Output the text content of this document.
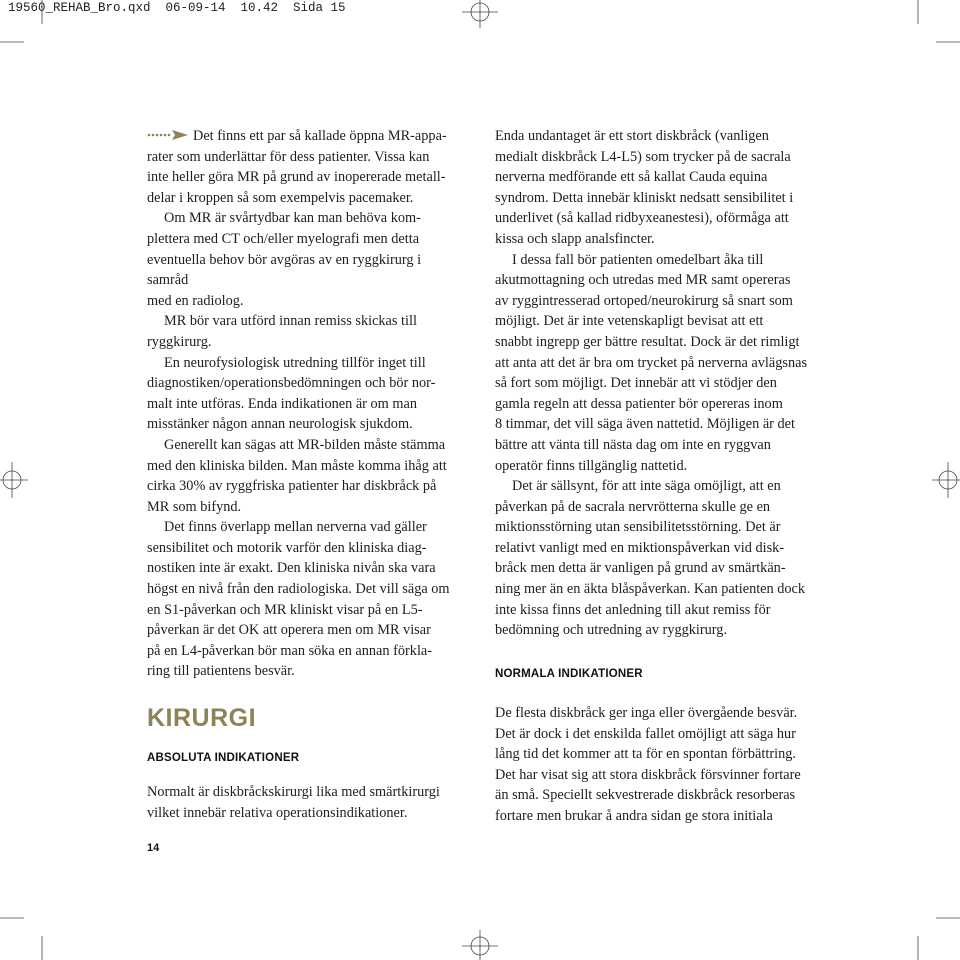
19560_REHAB_Bro.qxd  06-09-14  10.42  Sida 15

Det finns ett par så kallade öppna MR-appa-
rater som underlättar för dess patienter. Vissa kan
inte heller göra MR på grund av inopererade metall-
delar i kroppen så som exempelvis pacemaker.

Om MR är svårtydbar kan man behöva kom-
plettera med CT och/eller myelografi men detta
eventuella behov bör avgöras av en ryggkirurg i samråd
med en radiolog.

MR bör vara utförd innan remiss skickas till
ryggkirurg.

En neurofysiologisk utredning tillför inget till
diagnostiken/operationsbedömningen och bör nor-
malt inte utföras. Enda indikationen är om man
misstänker någon annan neurologisk sjukdom.

Generellt kan sägas att MR-bilden måste stämma
med den kliniska bilden. Man måste komma ihåg att
cirka 30% av ryggfriska patienter har diskbråck på
MR som bifynd.

Det finns överlapp mellan nerverna vad gäller
sensibilitet och motorik varför den kliniska diag-
nostiken inte är exakt. Den kliniska nivån ska vara
högst en nivå från den radiologiska. Det vill säga om
en S1-påverkan och MR kliniskt visar på en L5-
påverkan är det OK att operera men om MR visar
på en L4-påverkan bör man söka en annan förkla-
ring till patientens besvär.

KIRURGI
ABSOLUTA INDIKATIONER

Normalt är diskbråckskirurgi lika med smärtkirurgi
vilket innebär relativa operationsindikationer.

Enda undantaget är ett stort diskbråck (vanligen
medialt diskbråck L4-L5) som trycker på de sacrala
nerverna medförande ett så kallat Cauda equina
syndrom. Detta innebär kliniskt nedsatt sensibilitet i
underlivet (så kallad ridbyxeanestesi), oförmåga att
kissa och slapp analsfincter.

I dessa fall bör patienten omedelbart åka till
akutmottagning och utredas med MR samt opereras
av ryggintresserad ortoped/neurokirurg så snart som
möjligt. Det är inte vetenskapligt bevisat att ett
snabbt ingrepp ger bättre resultat. Dock är det rimligt
att anta att det är bra om trycket på nerverna avlägsnas
så fort som möjligt. Det innebär att vi stödjer den
gamla regeln att dessa patienter bör opereras inom
8 timmar, det vill säga även nattetid. Möjligen är det
bättre att vänta till nästa dag om inte en ryggvan
operatör finns tillgänglig nattetid.

Det är sällsynt, för att inte säga omöjligt, att en
påverkan på de sacrala nervrötterna skulle ge en
miktionsstörning utan sensibilitetsstörning. Det är
relativt vanligt med en miktionspåverkan vid disk-
bråck men detta är vanligen på grund av smärtkän-
ning mer än en äkta blåspåverkan. Kan patienten dock
inte kissa finns det anledning till akut remiss för
bedömning och utredning av ryggkirurg.

NORMALA INDIKATIONER

De flesta diskbråck ger inga eller övergående besvär.
Det är dock i det enskilda fallet omöjligt att säga hur
lång tid det kommer att ta för en spontan förbättring.
Det har visat sig att stora diskbråck försvinner fortare
än små. Speciellt sekvestrerade diskbråck resorberas
fortare men brukar å andra sidan ge stora initiala

14
